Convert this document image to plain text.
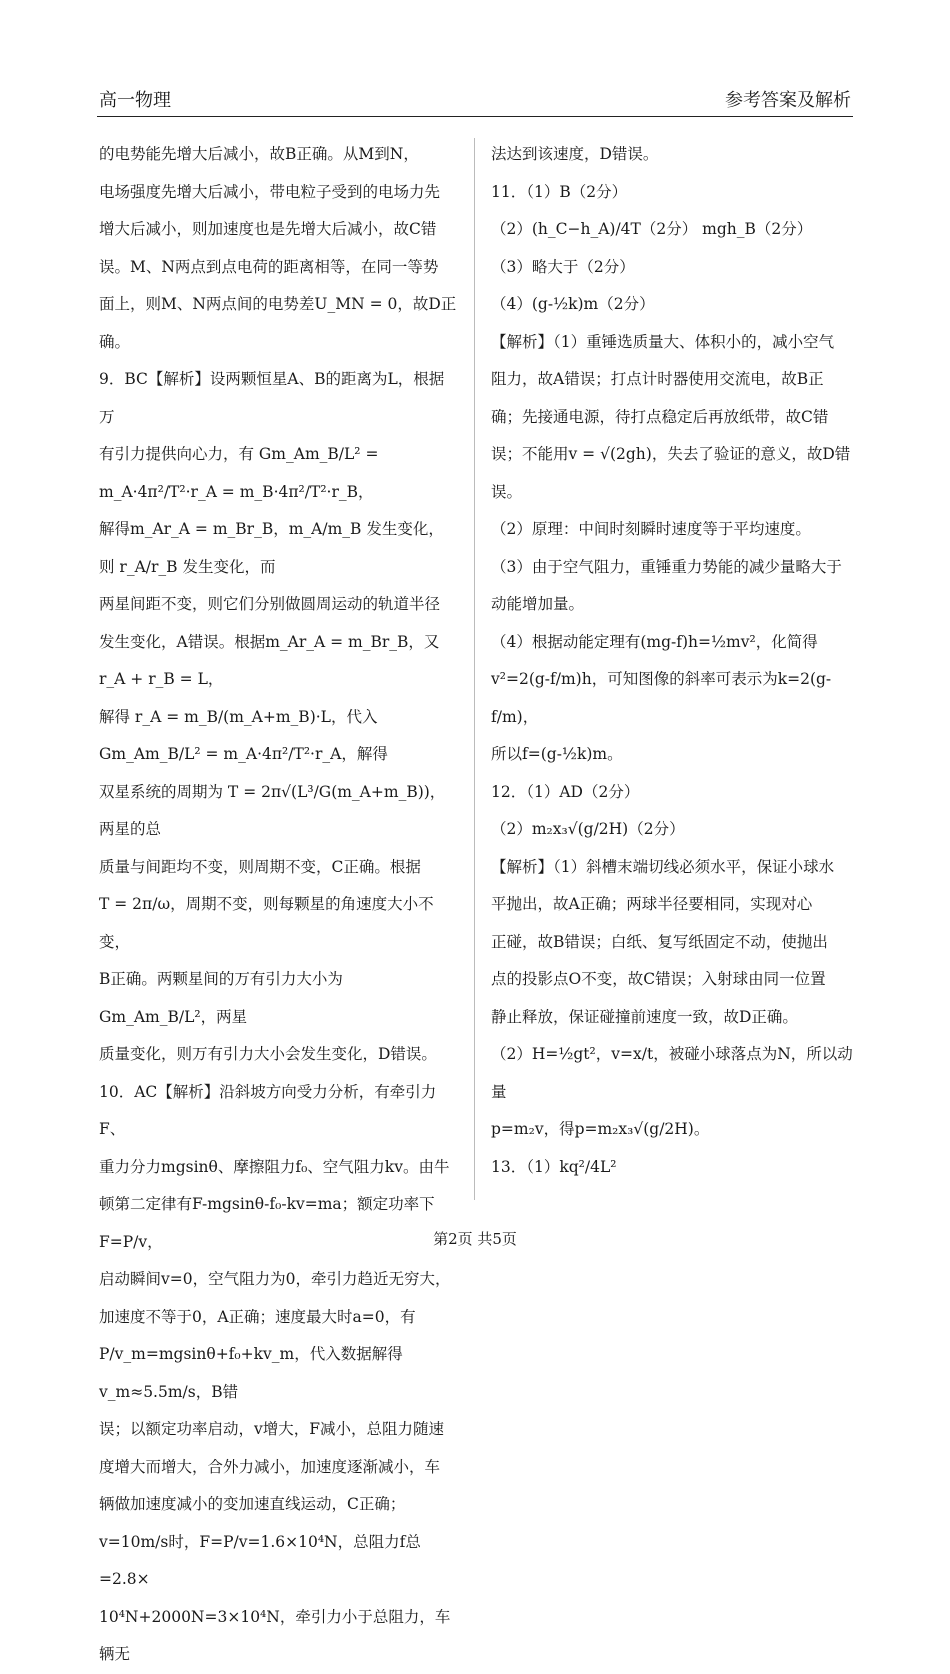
高一物理	参考答案及解析

的电势能先增大后减小，故B正确。从M到N，

电场强度先增大后减小，带电粒子受到的电场力先

增大后减小，则加速度也是先增大后减小，故C错

误。M、N两点到点电荷的距离相等，在同一等势

面上，则M、N两点间的电势差U_MN = 0，故D正确。

9．BC【解析】设两颗恒星A、B的距离为L，根据万

有引力提供向心力，有 Gm_Am_B/L² = m_A·4π²/T²·r_A = m_B·4π²/T²·r_B，

解得m_Ar_A = m_Br_B，m_A/m_B 发生变化，则 r_A/r_B 发生变化，而

两星间距不变，则它们分别做圆周运动的轨道半径

发生变化，A错误。根据m_Ar_A = m_Br_B，又r_A + r_B = L，

解得 r_A = m_B/(m_A+m_B)·L，代入 Gm_Am_B/L² = m_A·4π²/T²·r_A，解得

双星系统的周期为 T = 2π√(L³/G(m_A+m_B))，两星的总

质量与间距均不变，则周期不变，C正确。根据

T = 2π/ω，周期不变，则每颗星的角速度大小不变，

B正确。两颗星间的万有引力大小为 Gm_Am_B/L²，两星

质量变化，则万有引力大小会发生变化，D错误。

10．AC【解析】沿斜坡方向受力分析，有牵引力F、

重力分力mgsinθ、摩擦阻力f₀、空气阻力kv。由牛

顿第二定律有F-mgsinθ-f₀-kv=ma；额定功率下F=P/v，

启动瞬间v=0，空气阻力为0，牵引力趋近无穷大，

加速度不等于0，A正确；速度最大时a=0，有

P/v_m=mgsinθ+f₀+kv_m，代入数据解得v_m≈5.5m/s，B错

误；以额定功率启动，v增大，F减小，总阻力随速

度增大而增大，合外力减小，加速度逐渐减小，车

辆做加速度减小的变加速直线运动，C正确；

v=10m/s时，F=P/v=1.6×10⁴N，总阻力f总=2.8×

10⁴N+2000N=3×10⁴N，牵引力小于总阻力，车辆无

法达到该速度，D错误。

11．（1）B（2分）

（2）(h_C−h_A)/4T（2分） mgh_B（2分）

（3）略大于（2分）

（4）(g-½k)m（2分）

【解析】（1）重锤选质量大、体积小的，减小空气

阻力，故A错误；打点计时器使用交流电，故B正

确；先接通电源，待打点稳定后再放纸带，故C错

误；不能用v = √(2gh)，失去了验证的意义，故D错

误。

（2）原理：中间时刻瞬时速度等于平均速度。

（3）由于空气阻力，重锤重力势能的减少量略大于

动能增加量。

（4）根据动能定理有(mg-f)h=½mv²，化简得

v²=2(g-f/m)h，可知图像的斜率可表示为k=2(g-f/m)，

所以f=(g-½k)m。

12．（1）AD（2分）

（2）m₂x₃√(g/2H)（2分）

【解析】（1）斜槽末端切线必须水平，保证小球水

平抛出，故A正确；两球半径要相同，实现对心

正碰，故B错误；白纸、复写纸固定不动，使抛出

点的投影点O不变，故C错误；入射球由同一位置

静止释放，保证碰撞前速度一致，故D正确。

（2）H=½gt²，v=x/t，被碰小球落点为N，所以动量

p=m₂v，得p=m₂x₃√(g/2H)。

13．（1）kq²/4L²

第2页 共5页
